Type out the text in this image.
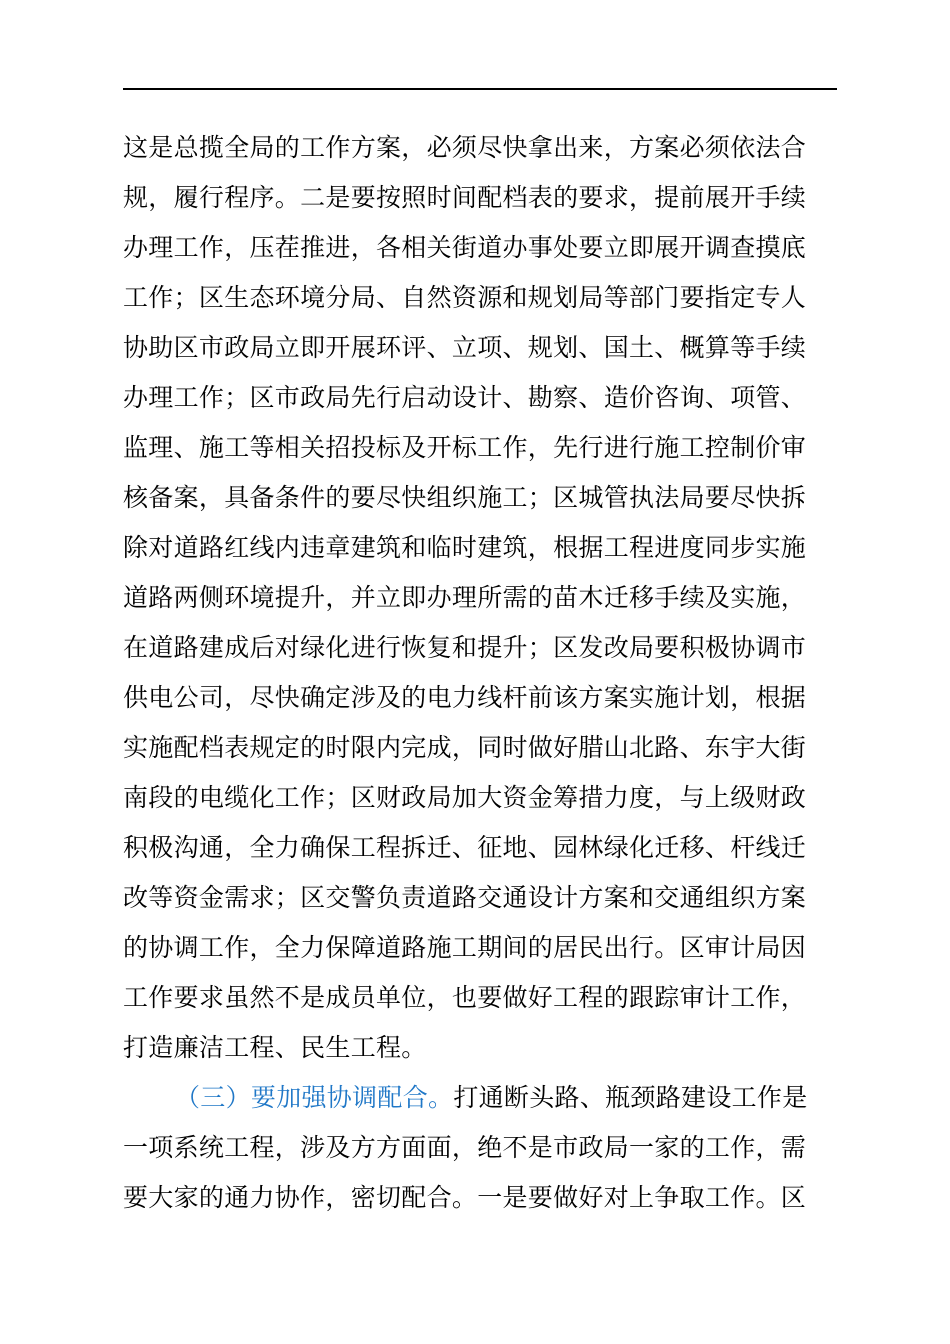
这是总揽全局的工作方案，必须尽快拿出来，方案必须依法合
规，履行程序。二是要按照时间配档表的要求，提前展开手续
办理工作，压茬推进，各相关街道办事处要立即展开调查摸底
工作；区生态环境分局、自然资源和规划局等部门要指定专人
协助区市政局立即开展环评、立项、规划、国土、概算等手续
办理工作；区市政局先行启动设计、勘察、造价咨询、项管、
监理、施工等相关招投标及开标工作，先行进行施工控制价审
核备案，具备条件的要尽快组织施工；区城管执法局要尽快拆
除对道路红线内违章建筑和临时建筑，根据工程进度同步实施
道路两侧环境提升，并立即办理所需的苗木迁移手续及实施，
在道路建成后对绿化进行恢复和提升；区发改局要积极协调市
供电公司，尽快确定涉及的电力线杆前该方案实施计划，根据
实施配档表规定的时限内完成，同时做好腊山北路、东宇大街
南段的电缆化工作；区财政局加大资金筹措力度，与上级财政
积极沟通，全力确保工程拆迁、征地、园林绿化迁移、杆线迁
改等资金需求；区交警负责道路交通设计方案和交通组织方案
的协调工作，全力保障道路施工期间的居民出行。区审计局因
工作要求虽然不是成员单位，也要做好工程的跟踪审计工作，
打造廉洁工程、民生工程。
（三）要加强协调配合。打通断头路、瓶颈路建设工作是
一项系统工程，涉及方方面面，绝不是市政局一家的工作，需
要大家的通力协作，密切配合。一是要做好对上争取工作。区
